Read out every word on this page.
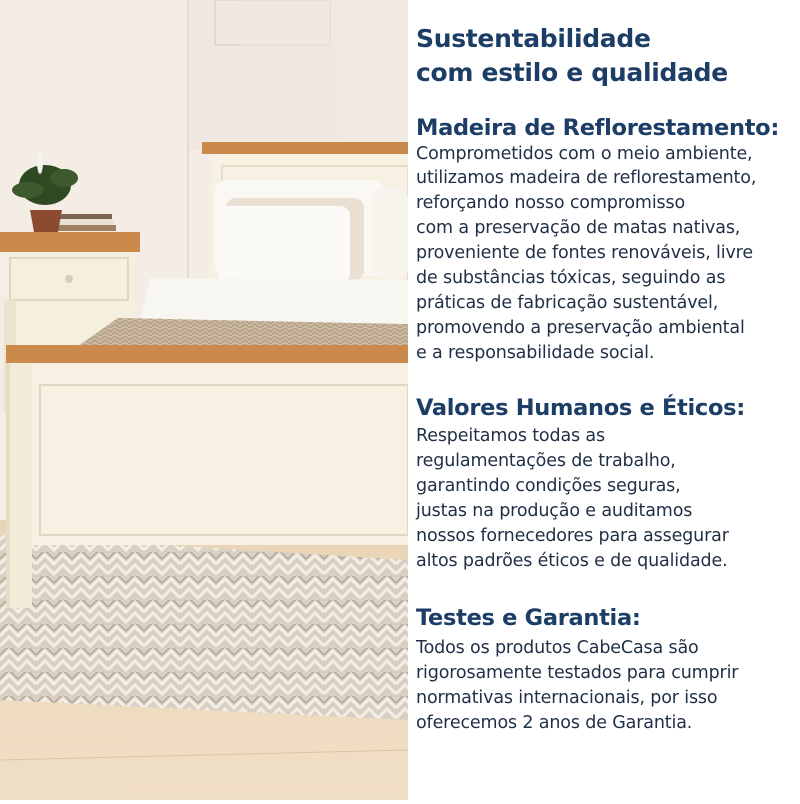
Sustentabilidade
com estilo e qualidade
Madeira de Reflorestamento:

Comprometidos com o meio ambiente,

utilizamos madeira de reflorestamento,

reforçando nosso compromisso

com a preservação de matas nativas,

proveniente de fontes renováveis, livre

de substâncias tóxicas, seguindo as

práticas de fabricação sustentável,

promovendo a preservação ambiental

e a responsabilidade social.

Valores Humanos e Éticos:

Respeitamos todas as

regulamentações de trabalho,

garantindo condições seguras,

justas na produção e auditamos

nossos fornecedores para assegurar

altos padrões éticos e de qualidade.

Testes e Garantia:

Todos os produtos CabeCasa são

rigorosamente testados para cumprir

normativas internacionais, por isso

oferecemos 2 anos de Garantia.
